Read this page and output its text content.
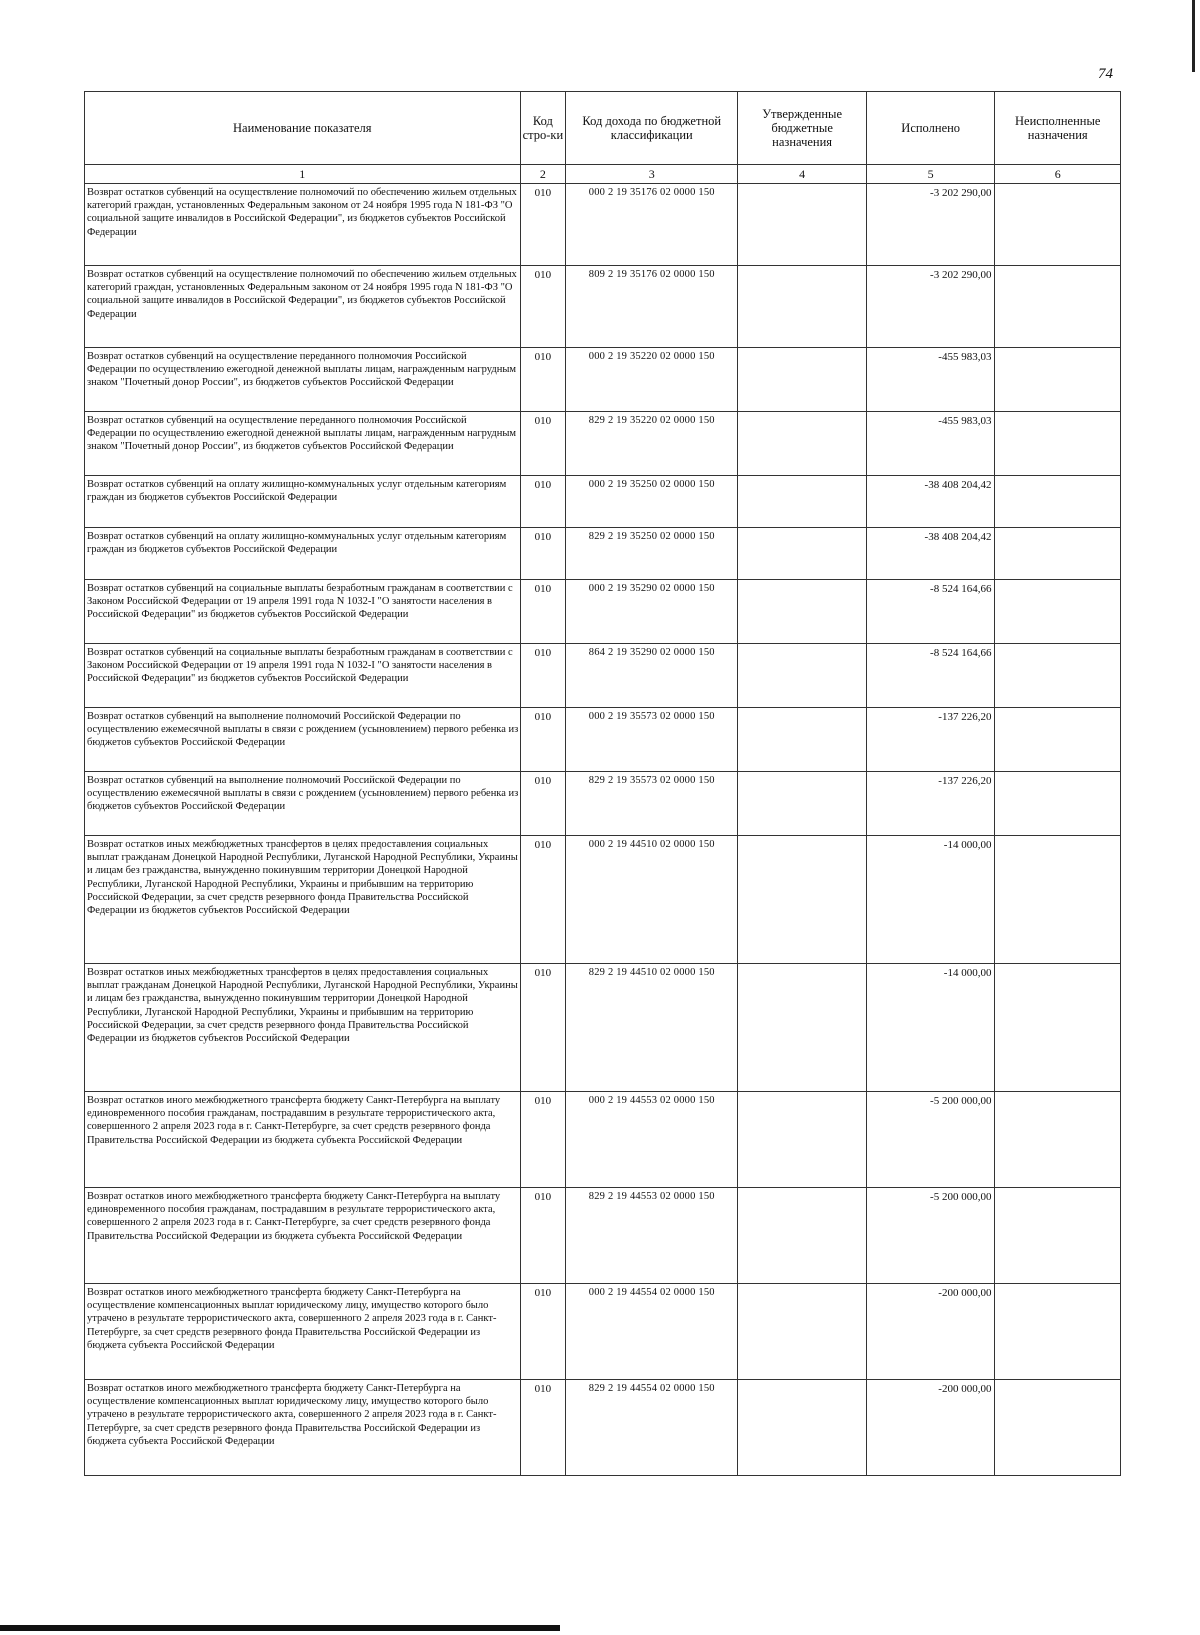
74
Наименование показателя	Код стро-ки	Код дохода по бюджетной классификации	Утвержденные бюджетные назначения	Исполнено	Неисполненные назначения
1	2	3	4	5	6
Возврат остатков субвенций на осуществление полномочий по обеспечению жильем отдельных категорий граждан, установленных Федеральным законом от 24 ноября 1995 года N 181-ФЗ "О социальной защите инвалидов в Российской Федерации", из бюджетов субъектов Российской Федерации	010	000 2 19 35176 02 0000 150		-3 202 290,00	
Возврат остатков субвенций на осуществление полномочий по обеспечению жильем отдельных категорий граждан, установленных Федеральным законом от 24 ноября 1995 года N 181-ФЗ "О социальной защите инвалидов в Российской Федерации", из бюджетов субъектов Российской Федерации	010	809 2 19 35176 02 0000 150		-3 202 290,00	
Возврат остатков субвенций на осуществление переданного полномочия Российской Федерации по осуществлению ежегодной денежной выплаты лицам, награжденным нагрудным знаком "Почетный донор России", из бюджетов субъектов Российской Федерации	010	000 2 19 35220 02 0000 150		-455 983,03	
Возврат остатков субвенций на осуществление переданного полномочия Российской Федерации по осуществлению ежегодной денежной выплаты лицам, награжденным нагрудным знаком "Почетный донор России", из бюджетов субъектов Российской Федерации	010	829 2 19 35220 02 0000 150		-455 983,03	
Возврат остатков субвенций на оплату жилищно-коммунальных услуг отдельным категориям граждан из бюджетов субъектов Российской Федерации	010	000 2 19 35250 02 0000 150		-38 408 204,42	
Возврат остатков субвенций на оплату жилищно-коммунальных услуг отдельным категориям граждан из бюджетов субъектов Российской Федерации	010	829 2 19 35250 02 0000 150		-38 408 204,42	
Возврат остатков субвенций на социальные выплаты безработным гражданам в соответствии с Законом Российской Федерации от 19 апреля 1991 года N 1032-I "О занятости населения в Российской Федерации" из бюджетов субъектов Российской Федерации	010	000 2 19 35290 02 0000 150		-8 524 164,66	
Возврат остатков субвенций на социальные выплаты безработным гражданам в соответствии с Законом Российской Федерации от 19 апреля 1991 года N 1032-I "О занятости населения в Российской Федерации" из бюджетов субъектов Российской Федерации	010	864 2 19 35290 02 0000 150		-8 524 164,66	
Возврат остатков субвенций на выполнение полномочий Российской Федерации по осуществлению ежемесячной выплаты в связи с рождением (усыновлением) первого ребенка из бюджетов субъектов Российской Федерации	010	000 2 19 35573 02 0000 150		-137 226,20	
Возврат остатков субвенций на выполнение полномочий Российской Федерации по осуществлению ежемесячной выплаты в связи с рождением (усыновлением) первого ребенка из бюджетов субъектов Российской Федерации	010	829 2 19 35573 02 0000 150		-137 226,20	
Возврат остатков иных межбюджетных трансфертов в целях предоставления социальных выплат гражданам Донецкой Народной Республики, Луганской Народной Республики, Украины и лицам без гражданства, вынужденно покинувшим территории Донецкой Народной Республики, Луганской Народной Республики, Украины и прибывшим на территорию Российской Федерации, за счет средств резервного фонда Правительства Российской Федерации из бюджетов субъектов Российской Федерации	010	000 2 19 44510 02 0000 150		-14 000,00	
Возврат остатков иных межбюджетных трансфертов в целях предоставления социальных выплат гражданам Донецкой Народной Республики, Луганской Народной Республики, Украины и лицам без гражданства, вынужденно покинувшим территории Донецкой Народной Республики, Луганской Народной Республики, Украины и прибывшим на территорию Российской Федерации, за счет средств резервного фонда Правительства Российской Федерации из бюджетов субъектов Российской Федерации	010	829 2 19 44510 02 0000 150		-14 000,00	
Возврат остатков иного межбюджетного трансферта бюджету Санкт-Петербурга на выплату единовременного пособия гражданам, пострадавшим в результате террористического акта, совершенного 2 апреля 2023 года в г. Санкт-Петербурге, за счет средств резервного фонда Правительства Российской Федерации из бюджета субъекта Российской Федерации	010	000 2 19 44553 02 0000 150		-5 200 000,00	
Возврат остатков иного межбюджетного трансферта бюджету Санкт-Петербурга на выплату единовременного пособия гражданам, пострадавшим в результате террористического акта, совершенного 2 апреля 2023 года в г. Санкт-Петербурге, за счет средств резервного фонда Правительства Российской Федерации из бюджета субъекта Российской Федерации	010	829 2 19 44553 02 0000 150		-5 200 000,00	
Возврат остатков иного межбюджетного трансферта бюджету Санкт-Петербурга на осуществление компенсационных выплат юридическому лицу, имущество которого было утрачено в результате террористического акта, совершенного 2 апреля 2023 года в г. Санкт-Петербурге, за счет средств резервного фонда Правительства Российской Федерации из бюджета субъекта Российской Федерации	010	000 2 19 44554 02 0000 150		-200 000,00	
Возврат остатков иного межбюджетного трансферта бюджету Санкт-Петербурга на осуществление компенсационных выплат юридическому лицу, имущество которого было утрачено в результате террористического акта, совершенного 2 апреля 2023 года в г. Санкт-Петербурге, за счет средств резервного фонда Правительства Российской Федерации из бюджета субъекта Российской Федерации	010	829 2 19 44554 02 0000 150		-200 000,00	
